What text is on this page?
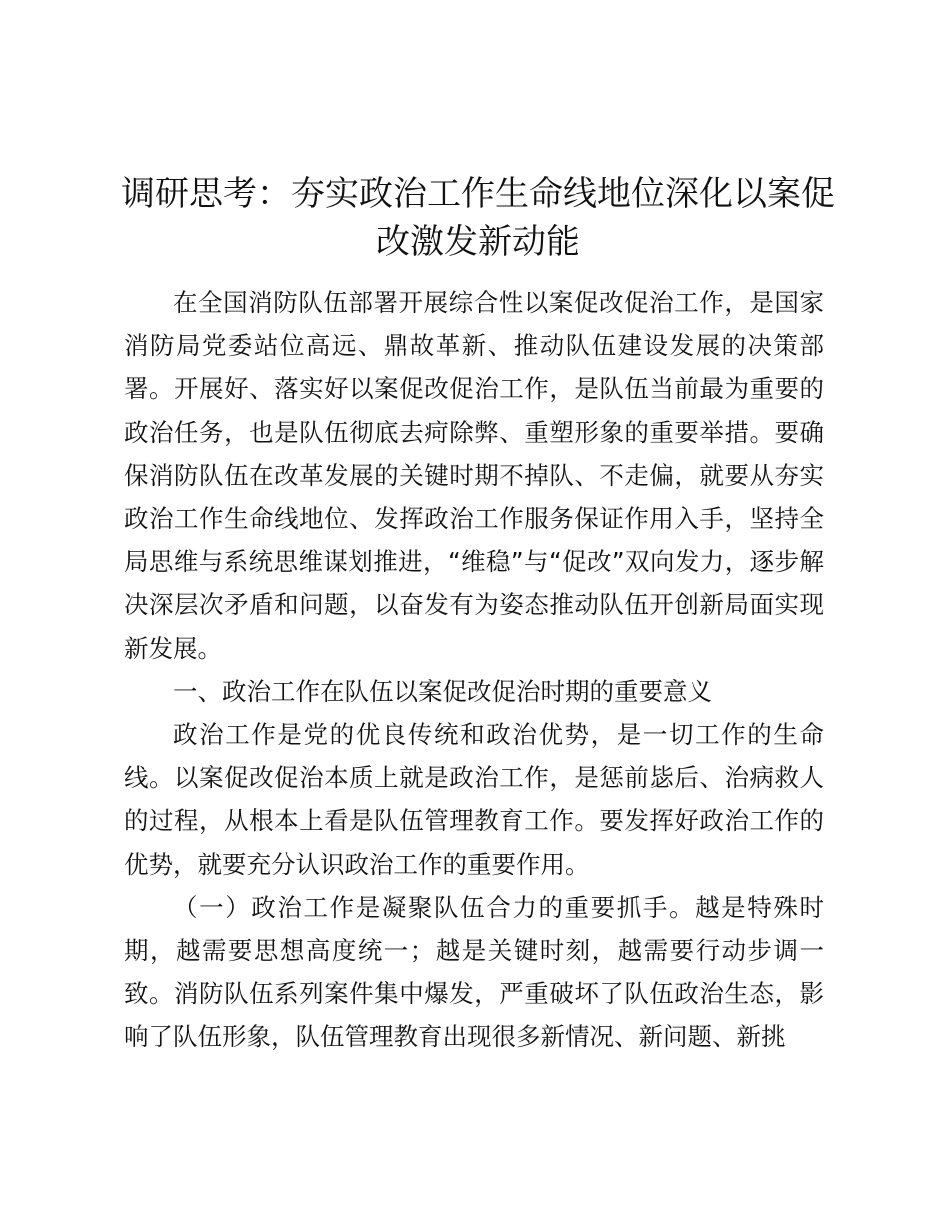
调研思考：夯实政治工作生命线地位深化以案促改激发新动能

在全国消防队伍部署开展综合性以案促改促治工作，是国家消防局党委站位高远、鼎故革新、推动队伍建设发展的决策部署。开展好、落实好以案促改促治工作，是队伍当前最为重要的政治任务，也是队伍彻底去疴除弊、重塑形象的重要举措。要确保消防队伍在改革发展的关键时期不掉队、不走偏，就要从夯实政治工作生命线地位、发挥政治工作服务保证作用入手，坚持全局思维与系统思维谋划推进，“维稳”与“促改”双向发力，逐步解决深层次矛盾和问题，以奋发有为姿态推动队伍开创新局面实现新发展。

一、政治工作在队伍以案促改促治时期的重要意义

政治工作是党的优良传统和政治优势，是一切工作的生命线。以案促改促治本质上就是政治工作，是惩前毖后、治病救人的过程，从根本上看是队伍管理教育工作。要发挥好政治工作的优势，就要充分认识政治工作的重要作用。

（一）政治工作是凝聚队伍合力的重要抓手。越是特殊时期，越需要思想高度统一；越是关键时刻，越需要行动步调一致。消防队伍系列案件集中爆发，严重破坏了队伍政治生态，影响了队伍形象，队伍管理教育出现很多新情况、新问题、新挑
